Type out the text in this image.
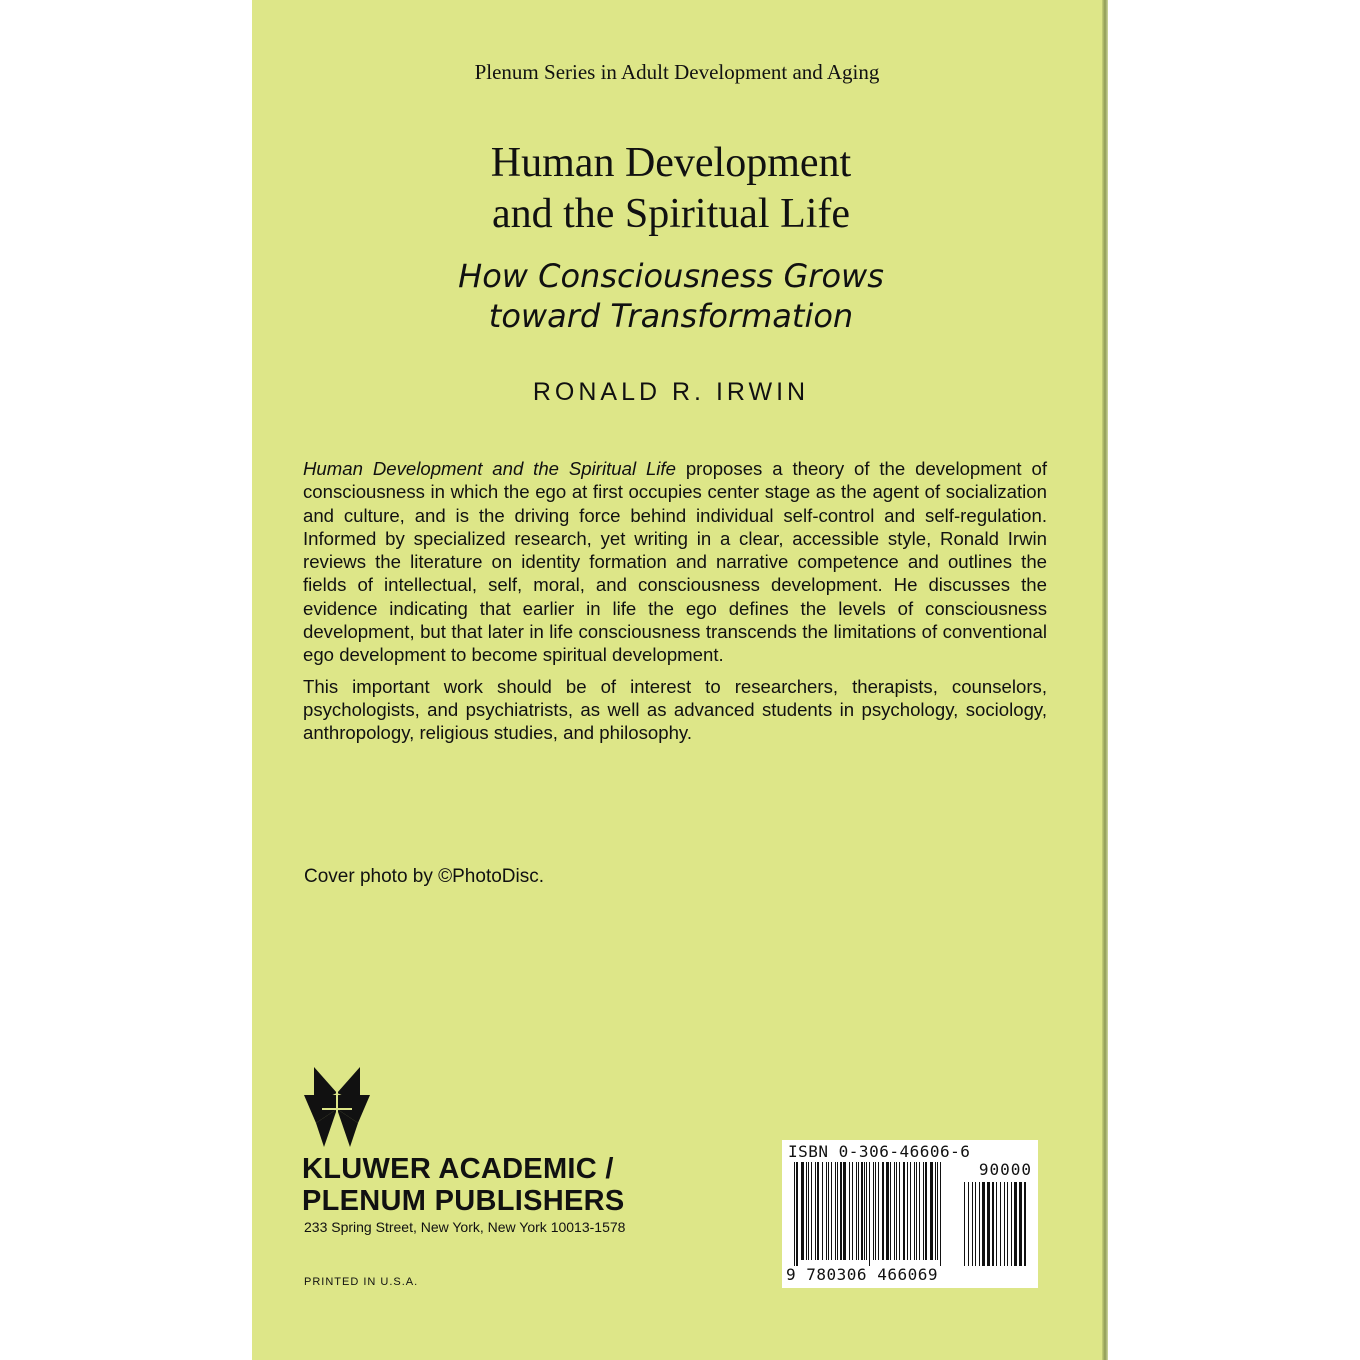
Plenum Series in Adult Development and Aging
Human Development
and the Spiritual Life
How Consciousness Grows
toward Transformation
RONALD R. IRWIN

Human Development and the Spiritual Life proposes a theory of the development of consciousness in which the ego at first occupies center stage as the agent of socialization and culture, and is the driving force behind individual self-control and self-regulation. Informed by specialized research, yet writing in a clear, accessible style, Ronald Irwin reviews the literature on identity formation and narrative competence and outlines the fields of intellectual, self, moral, and consciousness development. He discusses the evidence indicating that earlier in life the ego defines the levels of consciousness development, but that later in life consciousness transcends the limitations of conventional ego development to become spiritual development.

This important work should be of interest to researchers, therapists, counselors, psychologists, and psychiatrists, as well as advanced students in psychology, sociology, anthropology, religious studies, and philosophy.

Cover photo by ©PhotoDisc.
KLUWER ACADEMIC /
PLENUM PUBLISHERS
233 Spring Street, New York, New York 10013-1578
PRINTED IN U.S.A.
ISBN 0-306-46606-6
90000
9 780306 466069
